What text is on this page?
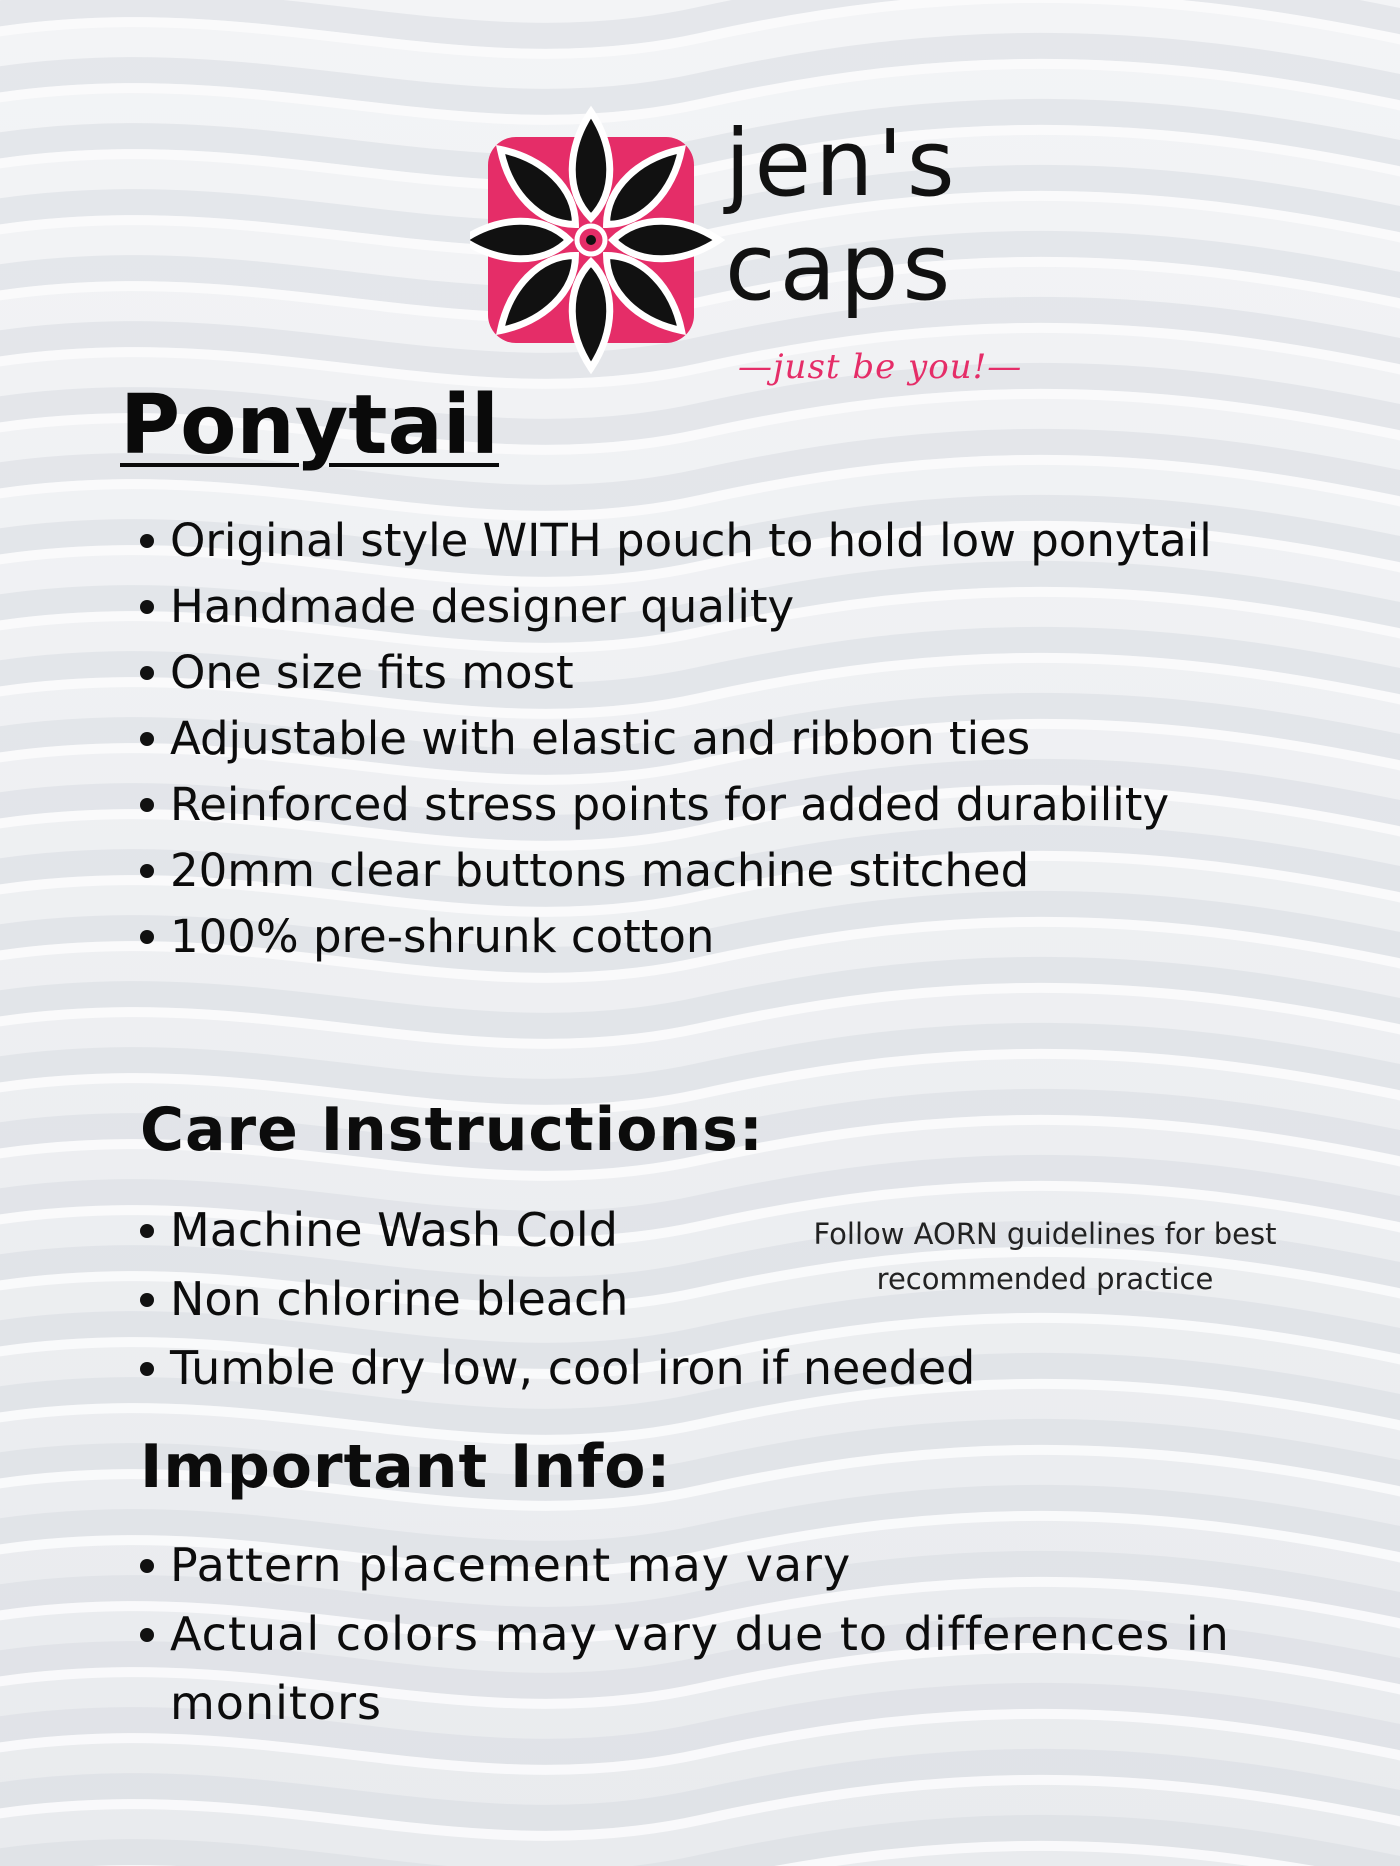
jen's
caps
—just be you!—
Ponytail
Original style WITH pouch to hold low ponytail
Handmade designer quality
One size fits most
Adjustable with elastic and ribbon ties
Reinforced stress points for added durability
20mm clear buttons machine stitched
100% pre-shrunk cotton
Care Instructions:
Machine Wash Cold
Non chlorine bleach
Tumble dry low, cool iron if needed
Follow AORN guidelines for best recommended practice
Important Info:
Pattern placement may vary
Actual colors may vary due to differences in monitors
